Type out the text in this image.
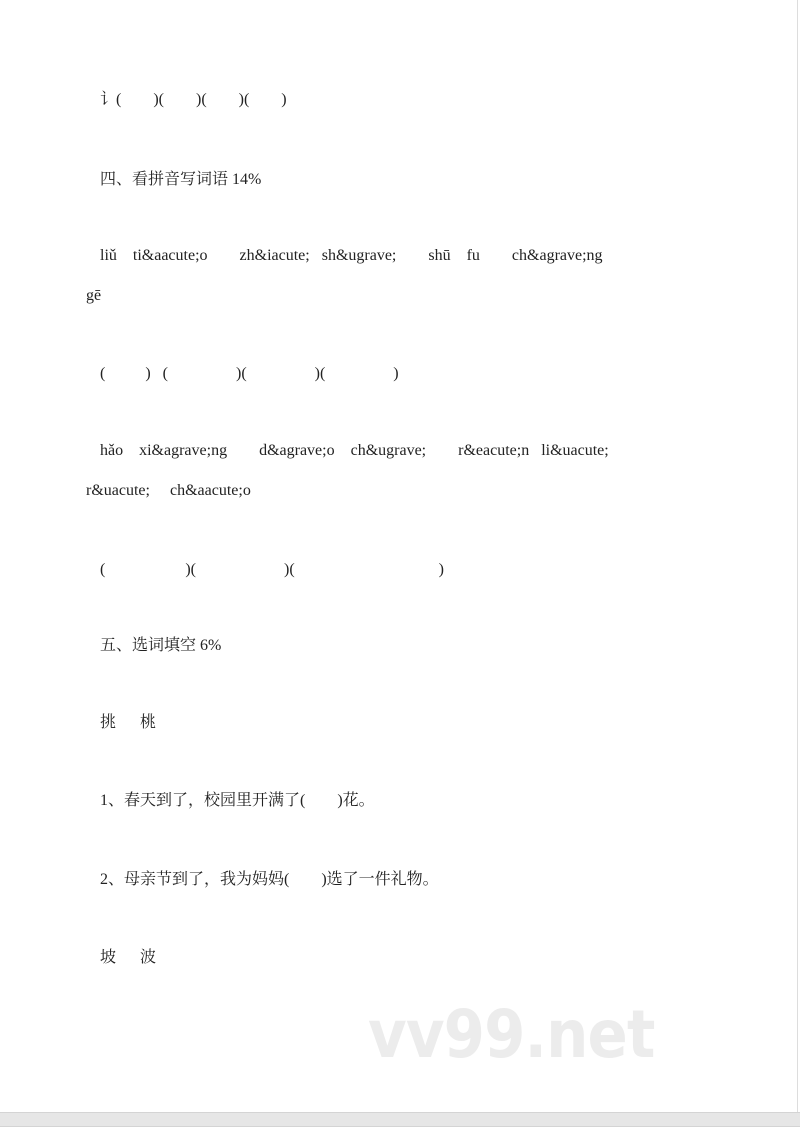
讠(        )(        )(        )(        )
四、看拼音写词语 14%
liǔ    ti&aacute;o        zh&iacute;   sh&ugrave;        shū    fu        ch&agrave;ng
gē
(          )   (                 )(                 )(                 )
hǎo    xi&agrave;ng        d&agrave;o    ch&ugrave;        r&eacute;n   li&uacute;
r&uacute;     ch&aacute;o
(                    )(                      )(                                    )
五、选词填空 6%
挑      桃
1、春天到了，校园里开满了(        )花。
2、母亲节到了，我为妈妈(        )选了一件礼物。
坡      波
vv99.net
